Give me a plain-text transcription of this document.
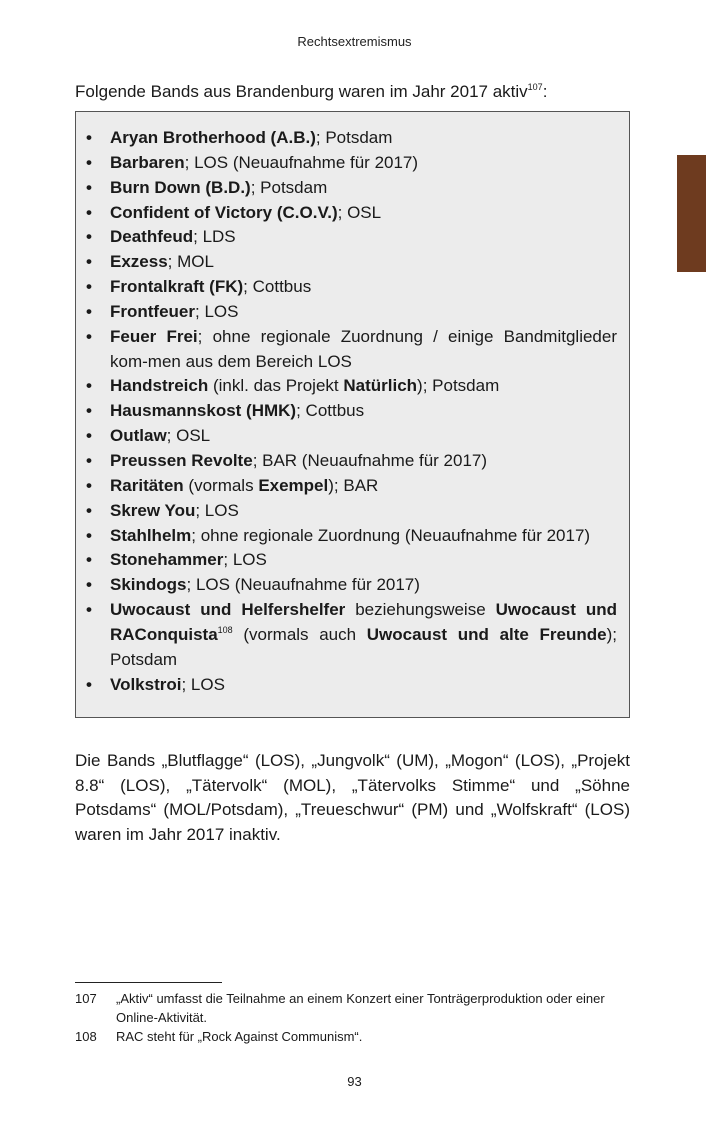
Rechtsextremismus
Folgende Bands aus Brandenburg waren im Jahr 2017 aktiv$^{107}$:
• Aryan Brotherhood (A.B.); Potsdam
• Barbaren; LOS (Neuaufnahme für 2017)
• Burn Down (B.D.); Potsdam
• Confident of Victory (C.O.V.); OSL
• Deathfeud; LDS
• Exzess; MOL
• Frontalkraft (FK); Cottbus
• Frontfeuer; LOS
• Feuer Frei; ohne regionale Zuordnung / einige Bandmitglieder kom-men aus dem Bereich LOS
• Handstreich (inkl. das Projekt Natürlich); Potsdam
• Hausmannskost (HMK); Cottbus
• Outlaw; OSL
• Preussen Revolte; BAR (Neuaufnahme für 2017)
• Raritäten (vormals Exempel); BAR
• Skrew You; LOS
• Stahlhelm; ohne regionale Zuordnung (Neuaufnahme für 2017)
• Stonehammer; LOS
• Skindogs; LOS (Neuaufnahme für 2017)
• Uwocaust und Helfershelfer beziehungsweise Uwocaust und RAConquista$^{108}$ (vormals auch Uwocaust und alte Freunde); Potsdam
• Volkstroi; LOS
Die Bands „Blutflagge“ (LOS), „Jungvolk“ (UM), „Mogon“ (LOS), „Projekt 8.8“ (LOS), „Tätervolk“ (MOL), „Tätervolks Stimme“ und „Söhne Potsdams“ (MOL/Potsdam), „Treueschwur“ (PM) und „Wolfskraft“ (LOS) waren im Jahr 2017 inaktiv.
107	„Aktiv“ umfasst die Teilnahme an einem Konzert einer Tonträgerproduktion oder einer Online-Aktivität.
108	RAC steht für „Rock Against Communism“.
93
